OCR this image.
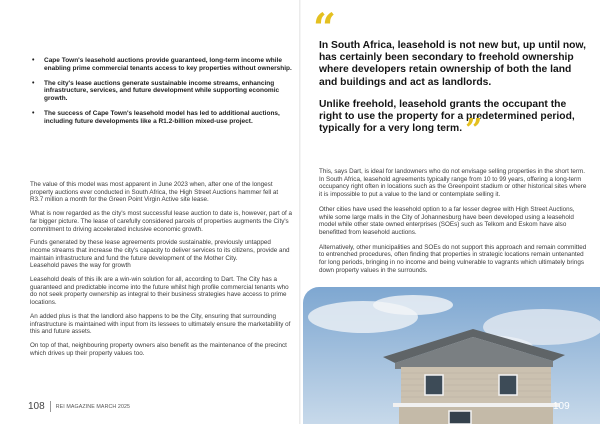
• Cape Town's leasehold auctions provide guaranteed, long-term income while enabling prime commercial tenants access to key properties without ownership.
• The city's lease auctions generate sustainable income streams, enhancing infrastructure, services, and future development while supporting economic growth.
• The success of Cape Town's leasehold model has led to additional auctions, including future developments like a R1.2-billion mixed-use project.

The value of this model was most apparent in June 2023 when, after one of the longest property auctions ever conducted in South Africa, the High Street Auctions hammer fell at R3.7 million a month for the Green Point Virgin Active site lease.

What is now regarded as the city's most successful lease auction to date is, however, part of a far bigger picture. The lease of carefully considered parcels of properties augments the City's commitment to driving accelerated inclusive economic growth.

Funds generated by these lease agreements provide sustainable, previously untapped income streams that increase the city's capacity to deliver services to its citizens, provide and maintain infrastructure and fund the future development of the Mother City.

Leasehold paves the way for growth

Leasehold deals of this ilk are a win-win solution for all, according to Dart. The City has a guaranteed and predictable income into the future whilst high profile commercial tenants who do not seek property ownership as integral to their business strategies have access to prime locations.

An added plus is that the landlord also happens to be the City, ensuring that surrounding infrastructure is maintained with input from its lessees to ultimately ensure the marketability of this and future assets.

On top of that, neighbouring property owners also benefit as the maintenance of the precinct which drives up their property values too.

108	REI MAGAZINE MARCH 2025
“

In South Africa, leasehold is not new but, up until now, has certainly been secondary to freehold ownership where developers retain ownership of both the land and buildings and act as landlords.

Unlike freehold, leasehold grants the occupant the right to use the property for a predetermined period, typically for a very long term. ”

This, says Dart, is ideal for landowners who do not envisage selling properties in the short term. In South Africa, leasehold agreements typically range from 10 to 99 years, offering a long-term occupancy right often in locations such as the Greenpoint stadium or other historical sites where it is impossible to put a value to the land or contemplate selling it.

Other cities have used the leasehold option to a far lesser degree with High Street Auctions, while some large malls in the City of Johannesburg have been developed using a leasehold model while other state owned enterprises (SOEs) such as Telkom and Eskom have also benefitted from leasehold auctions.

Alternatively, other municipalities and SOEs do not support this approach and remain committed to entrenched procedures, often finding that properties in strategic locations remain untenanted for long periods, bringing in no income and being vulnerable to vagrants which ultimately brings down property values in the surrounds.

109
